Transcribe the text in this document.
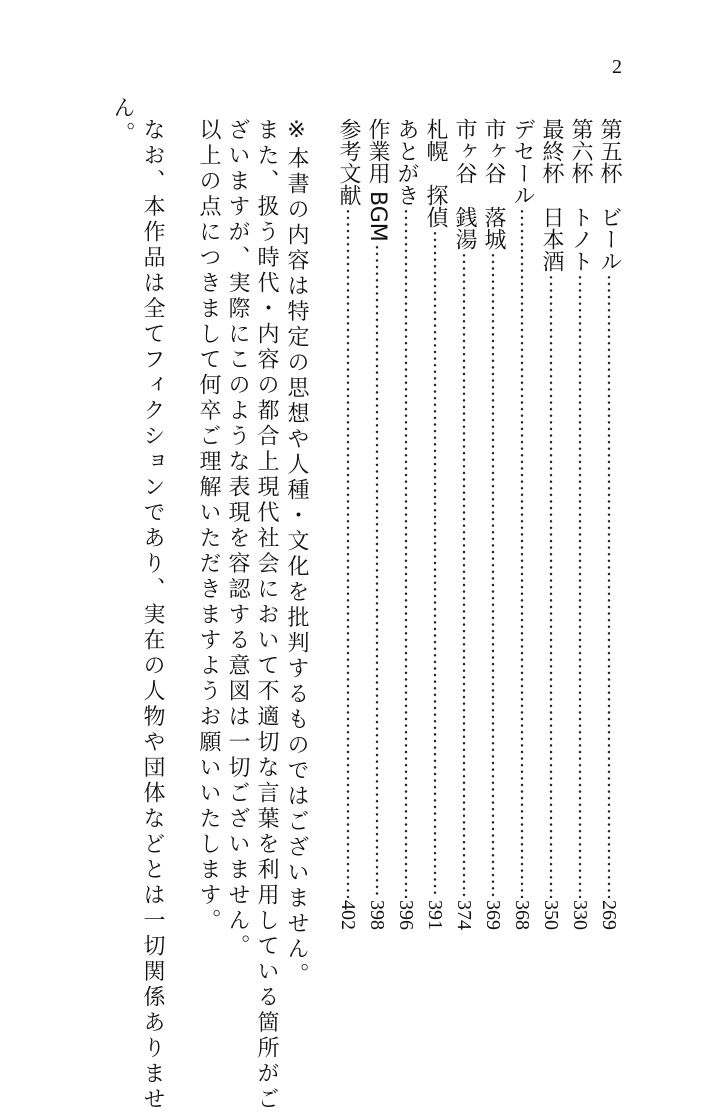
2
第五杯　ビール
269
第六杯　トノト
330
最終杯　日本酒
350
デセール
368
市ヶ谷　落城
369
市ヶ谷　銭湯
374
札幌　探偵
391
あとがき
396
作業用 BGM
398
参考文献
402
※本書の内容は特定の思想や人種・文化を批判するものではございません。
また、扱う時代・内容の都合上現代社会において不適切な言葉を利用している箇所がご
ざいますが、実際にこのような表現を容認する意図は一切ございません。
以上の点につきまして何卒ご理解いただきますようお願いいたします。
なお、本作品は全てフィクションであり、実在の人物や団体などとは一切関係ありませ
ん。
